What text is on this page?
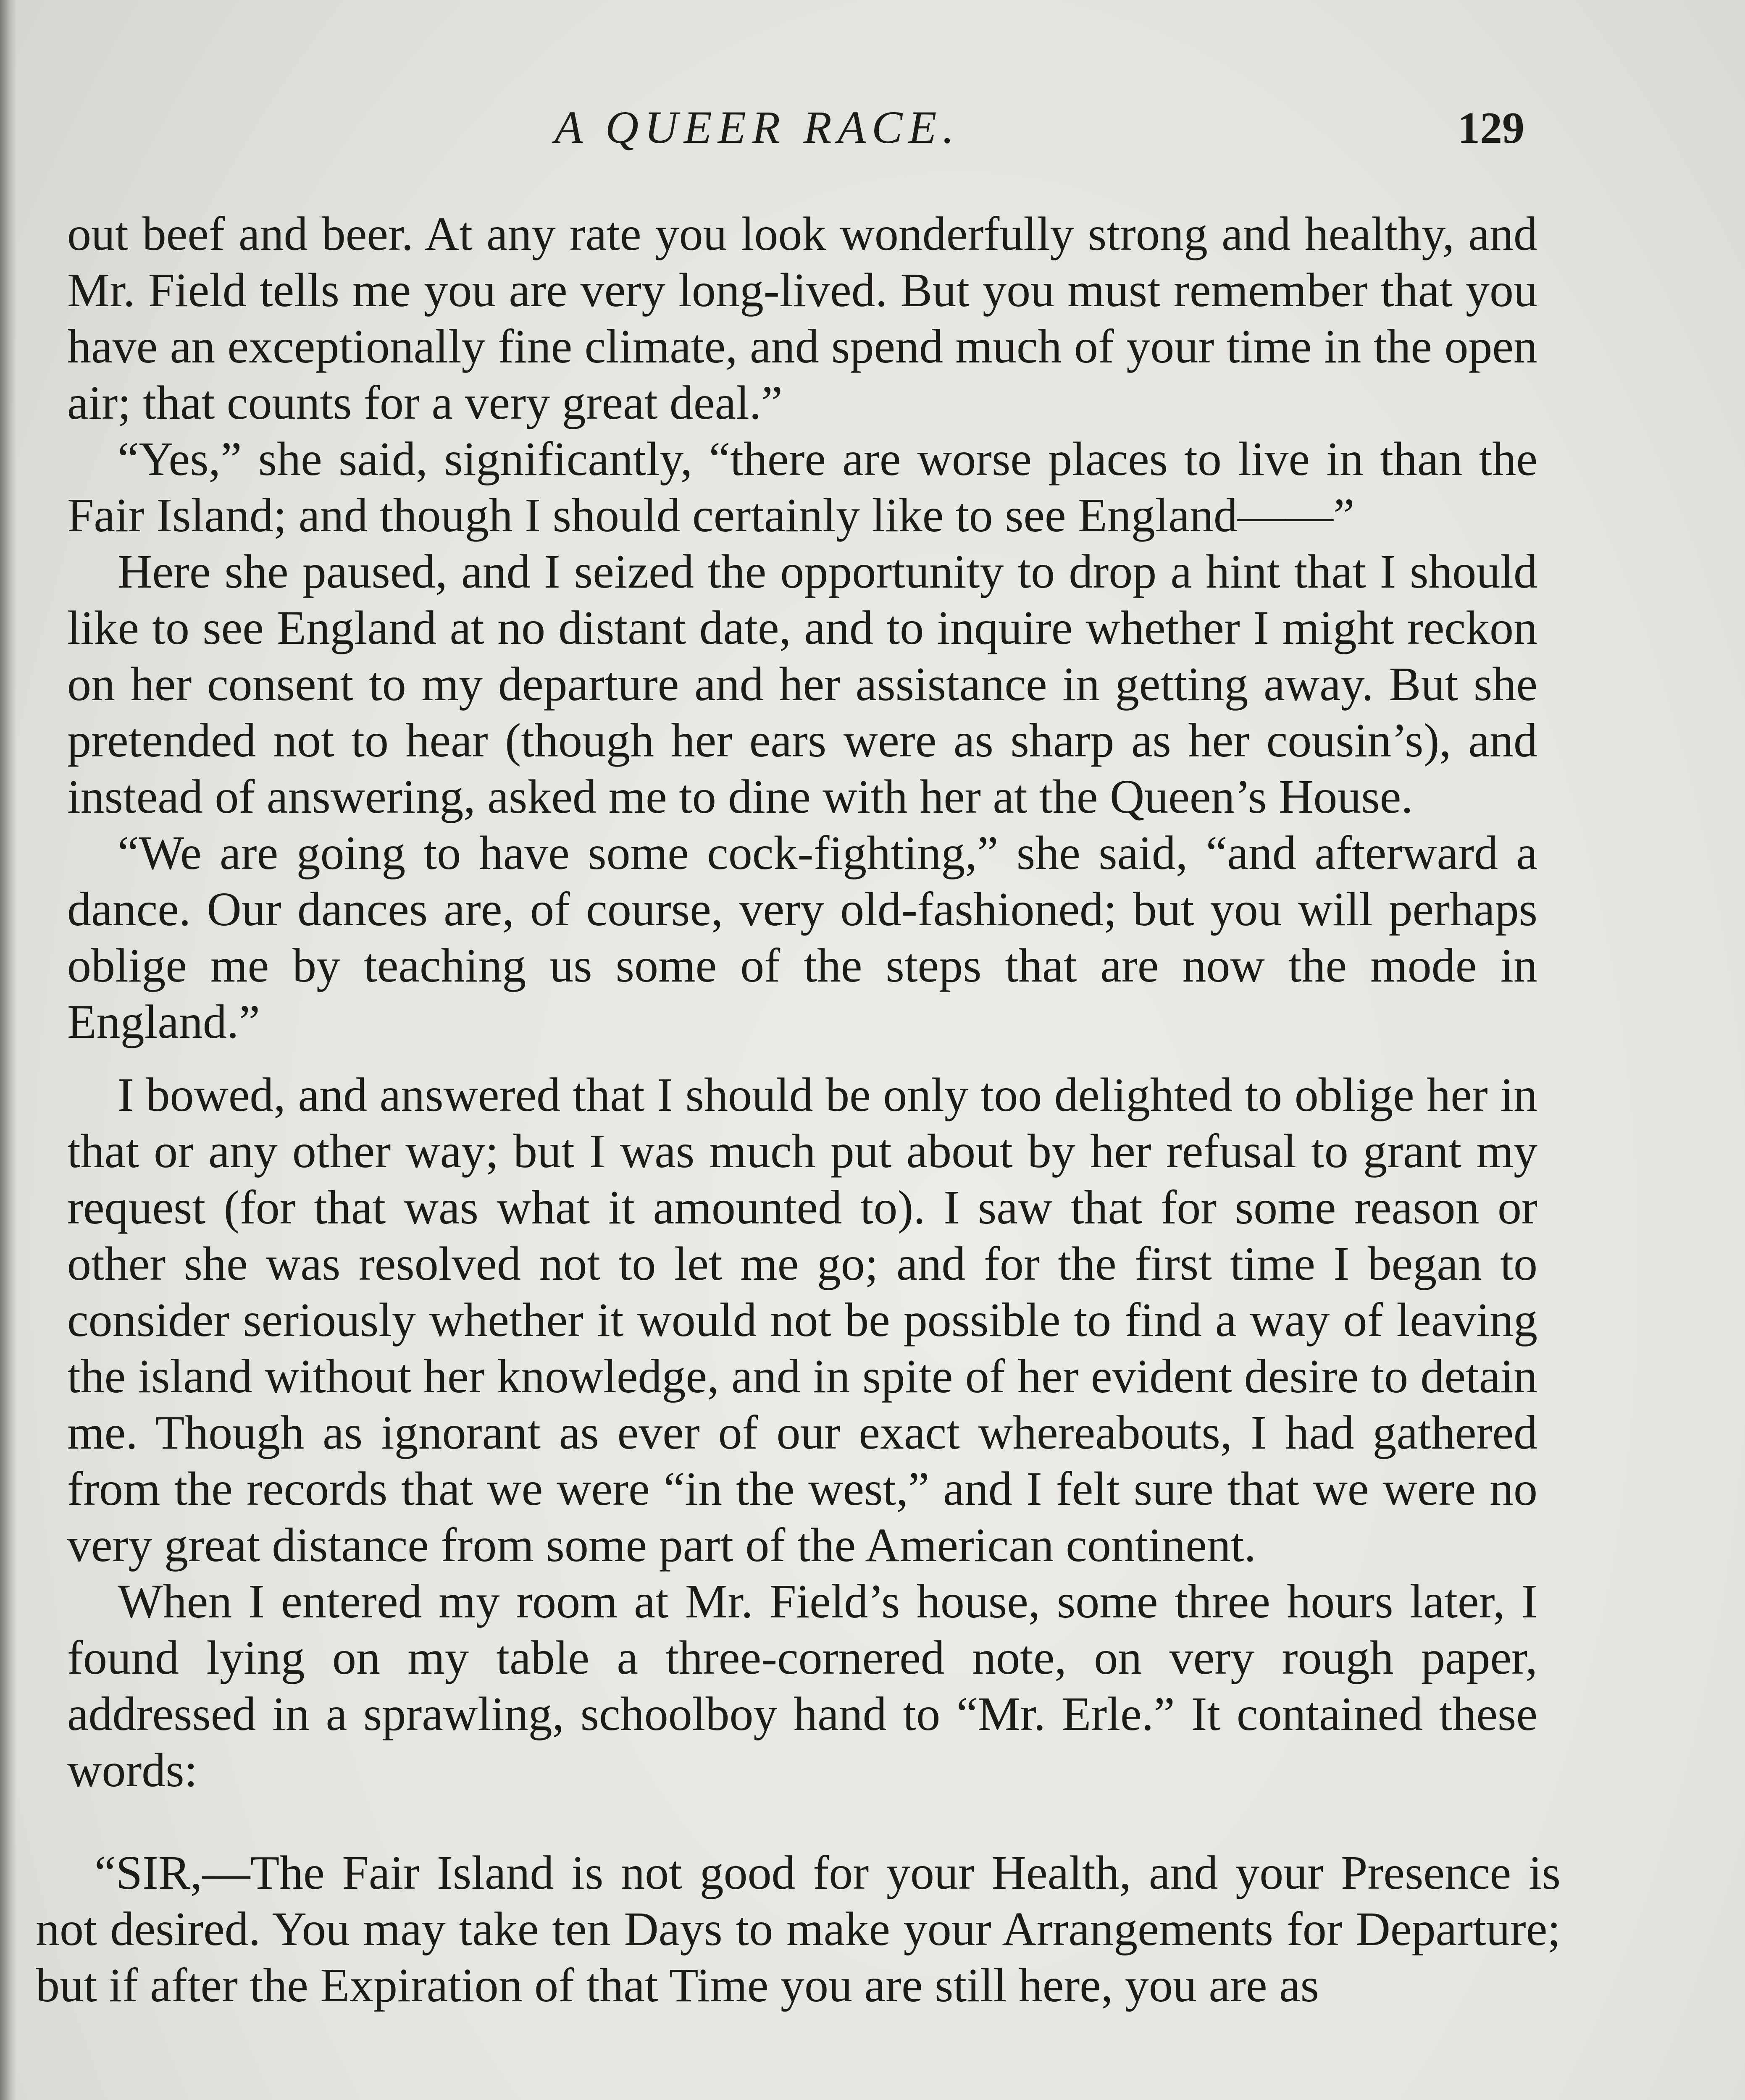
A QUEER RACE.	129

out beef and beer. At any rate you look wonderfully strong and healthy, and Mr. Field tells me you are very long-lived. But you must remember that you have an exceptionally fine climate, and spend much of your time in the open air; that counts for a very great deal.”

“Yes,” she said, significantly, “there are worse places to live in than the Fair Island; and though I should certainly like to see England——”

Here she paused, and I seized the opportunity to drop a hint that I should like to see England at no distant date, and to inquire whether I might reckon on her consent to my departure and her assistance in getting away. But she pretended not to hear (though her ears were as sharp as her cousin’s), and instead of answering, asked me to dine with her at the Queen’s House.

“We are going to have some cock-fighting,” she said, “and afterward a dance. Our dances are, of course, very old-fashioned; but you will perhaps oblige me by teaching us some of the steps that are now the mode in England.”

I bowed, and answered that I should be only too delighted to oblige her in that or any other way; but I was much put about by her refusal to grant my request (for that was what it amounted to). I saw that for some reason or other she was resolved not to let me go; and for the first time I began to consider seriously whether it would not be possible to find a way of leaving the island without her knowledge, and in spite of her evident desire to detain me. Though as ignorant as ever of our exact whereabouts, I had gathered from the records that we were “in the west,” and I felt sure that we were no very great distance from some part of the American continent.

When I entered my room at Mr. Field’s house, some three hours later, I found lying on my table a three-cornered note, on very rough paper, addressed in a sprawling, schoolboy hand to “Mr. Erle.” It contained these words:

“SIR,—The Fair Island is not good for your Health, and your Presence is not desired. You may take ten Days to make your Arrangements for Departure; but if after the Expiration of that Time you are still here, you are as
